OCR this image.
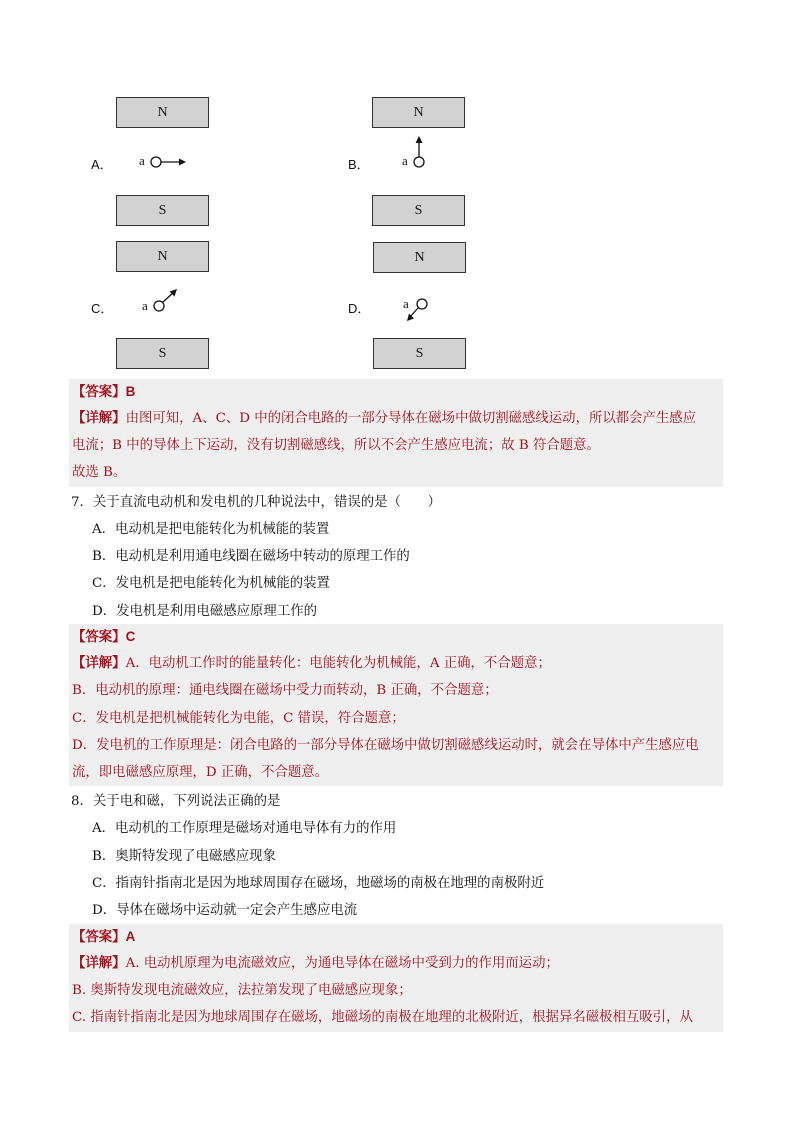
N
A． a
S
N
B． a
S
N
C． a
S
N
D．	a
S
【答案】B
【详解】由图可知，A、C、D 中的闭合电路的一部分导体在磁场中做切割磁感线运动，所以都会产生感应
电流；B 中的导体上下运动，没有切割磁感线，所以不会产生感应电流；故 B 符合题意。
故选 B。
7．关于直流电动机和发电机的几种说法中，错误的是（　　）
A．电动机是把电能转化为机械能的装置
B．电动机是利用通电线圈在磁场中转动的原理工作的
C．发电机是把电能转化为机械能的装置
D．发电机是利用电磁感应原理工作的
【答案】C
【详解】A．电动机工作时的能量转化：电能转化为机械能，A 正确，不合题意；
B．电动机的原理：通电线圈在磁场中受力而转动，B 正确，不合题意；
C．发电机是把机械能转化为电能，C 错误，符合题意；
D．发电机的工作原理是：闭合电路的一部分导体在磁场中做切割磁感线运动时，就会在导体中产生感应电
流，即电磁感应原理，D 正确，不合题意。
8．关于电和磁，下列说法正确的是
A．电动机的工作原理是磁场对通电导体有力的作用
B．奥斯特发现了电磁感应现象
C．指南针指南北是因为地球周围存在磁场，地磁场的南极在地理的南极附近
D．导体在磁场中运动就一定会产生感应电流
【答案】A
【详解】A. 电动机原理为电流磁效应，为通电导体在磁场中受到力的作用而运动；
B. 奥斯特发现电流磁效应，法拉第发现了电磁感应现象；
C. 指南针指南北是因为地球周围存在磁场，地磁场的南极在地理的北极附近，根据异名磁极相互吸引，从
